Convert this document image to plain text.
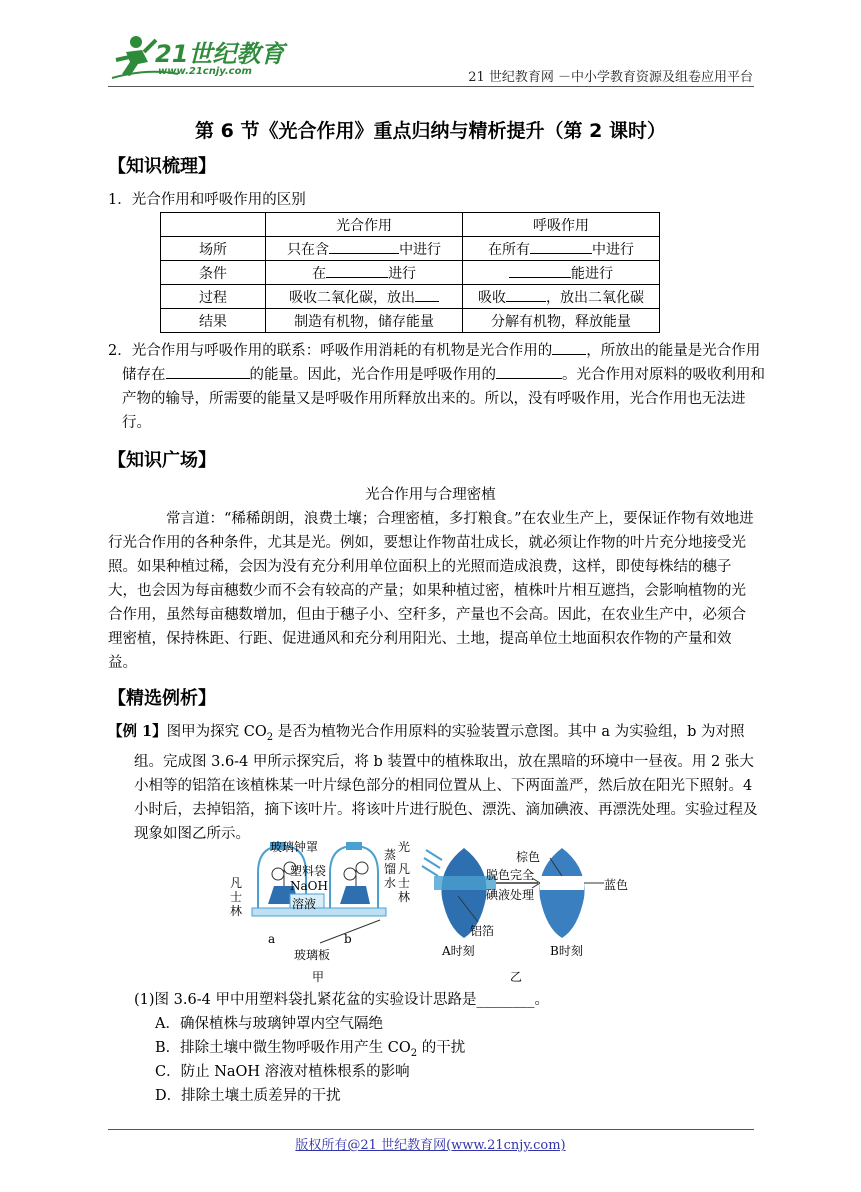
21世纪教育
www.21cnjy.com	21 世纪教育网 －中小学教育资源及组卷应用平台
第 6 节《光合作用》重点归纳与精析提升（第 2 课时）
【知识梳理】
1．光合作用和呼吸作用的区别
	光合作用	呼吸作用
场所	只在含 中进行	在所有 中进行
条件	在 进行	能进行
过程	吸收二氧化碳，放出	吸收 ，放出二氧化碳
结果	制造有机物，储存能量	分解有机物，释放能量
2．光合作用与呼吸作用的联系：呼吸作用消耗的有机物是光合作用的 ，所放出的能量是光合作用储存在	的能量。因此，光合作用是呼吸作用的	。光合作用对原料的吸收利用和产物的输导，所需要的能量又是呼吸作用所释放出来的。所以，没有呼吸作用，光合作用也无法进行。
【知识广场】
光合作用与合理密植
常言道：“稀稀朗朗，浪费土壤；合理密植，多打粮食。”在农业生产上，要保证作物有效地进行光合作用的各种条件，尤其是光。例如，要想让作物苗壮成长，就必须让作物的叶片充分地接受光照。如果种植过稀，会因为没有充分利用单位面积上的光照而造成浪费，这样，即使每株结的穗子大，也会因为每亩穗数少而不会有较高的产量；如果种植过密，植株叶片相互遮挡，会影响植物的光合作用，虽然每亩穗数增加，但由于穗子小、空秆多，产量也不会高。因此，在农业生产中，必须合理密植，保持株距、行距、促进通风和充分利用阳光、土地，提高单位土地面积农作物的产量和效益。
【精选例析】
【例 1】图甲为探究 $CO_2$ 是否为植物光合作用原料的实验装置示意图。其中 a 为实验组，b 为对照组。完成图 3.6-4 甲所示探究后，将 b 装置中的植株取出，放在黑暗的环境中一昼夜。用 2 张大小相等的铝箔在该植株某一叶片绿色部分的相同位置从上、下两面盖严，然后放在阳光下照射。4 小时后，去掉铝箔，摘下该叶片。将该叶片进行脱色、漂洗、滴加碘液、再漂洗处理。实验过程及现象如图乙所示。
玻璃钟罩
塑料袋
NaOH
溶液
凡
士
林
蒸
馏
水
凡
士
林
a	b
玻璃板
甲
光
棕色
脱色完全
碘液处理
铝箔
蓝色
A时刻	B时刻
乙
(1)图 3.6-4 甲中用塑料袋扎紧花盆的实验设计思路是________。
A．确保植株与玻璃钟罩内空气隔绝
B．排除土壤中微生物呼吸作用产生 $CO_2$ 的干扰
C．防止 NaOH 溶液对植株根系的影响
D．排除土壤土质差异的干扰
版权所有@21 世纪教育网(www.21cnjy.com)
